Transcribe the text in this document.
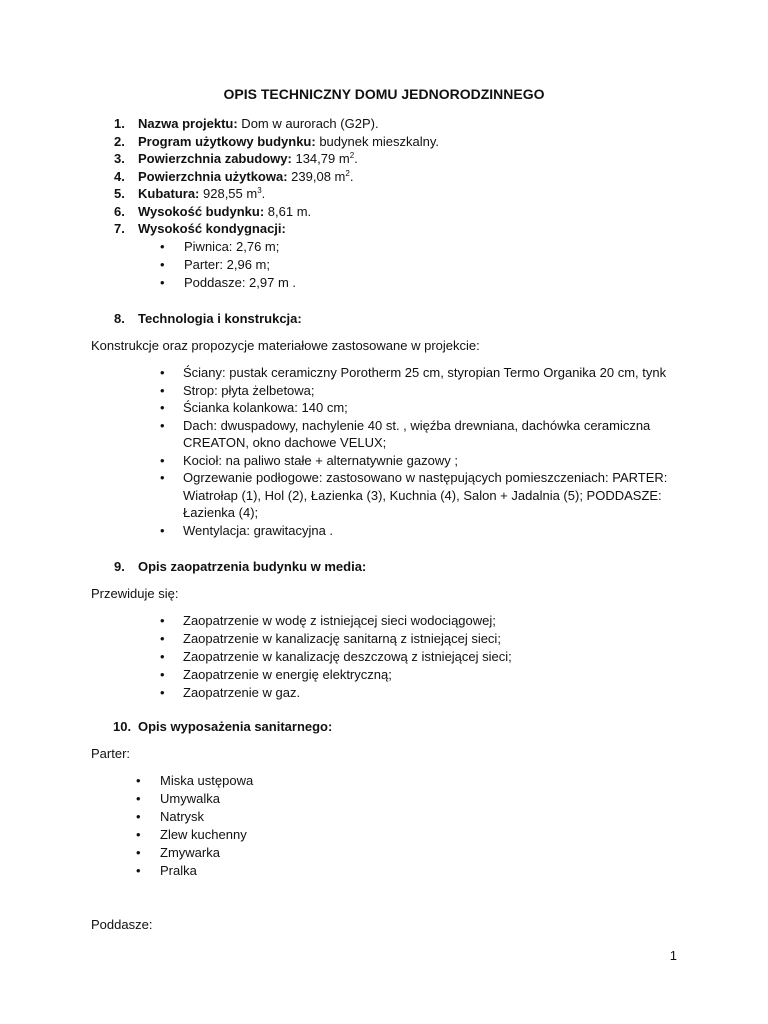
OPIS TECHNICZNY DOMU JEDNORODZINNEGO
1. Nazwa projektu: Dom w aurorach (G2P).
2. Program użytkowy budynku: budynek mieszkalny.
3. Powierzchnia zabudowy: 134,79 $m^2$.
4. Powierzchnia użytkowa: 239,08 $m^2$.
5. Kubatura: 928,55 $m^3$.
6. Wysokość budynku: 8,61 m.
7. Wysokość kondygnacji:
• Piwnica: 2,76 m;
• Parter: 2,96 m;
• Poddasze: 2,97 m .
8. Technologia i konstrukcja:
Konstrukcje oraz propozycje materiałowe zastosowane w projekcie:
• Ściany: pustak ceramiczny Porotherm 25 cm, styropian Termo Organika 20 cm, tynk
• Strop: płyta żelbetowa;
• Ścianka kolankowa: 140 cm;
• Dach: dwuspadowy, nachylenie 40 st. , więźba drewniana, dachówka ceramiczna
CREATON, okno dachowe VELUX;
• Kocioł: na paliwo stałe + alternatywnie gazowy ;
• Ogrzewanie podłogowe: zastosowano w następujących pomieszczeniach: PARTER:
Wiatrołap (1), Hol (2), Łazienka (3), Kuchnia (4), Salon + Jadalnia (5); PODDASZE:
Łazienka (4);
• Wentylacja: grawitacyjna .
9. Opis zaopatrzenia budynku w media:
Przewiduje się:
• Zaopatrzenie w wodę z istniejącej sieci wodociągowej;
• Zaopatrzenie w kanalizację sanitarną z istniejącej sieci;
• Zaopatrzenie w kanalizację deszczową z istniejącej sieci;
• Zaopatrzenie w energię elektryczną;
• Zaopatrzenie w gaz.
10. Opis wyposażenia sanitarnego:
Parter:
• Miska ustępowa
• Umywalka
• Natrysk
• Zlew kuchenny
• Zmywarka
• Pralka
Poddasze:
1
